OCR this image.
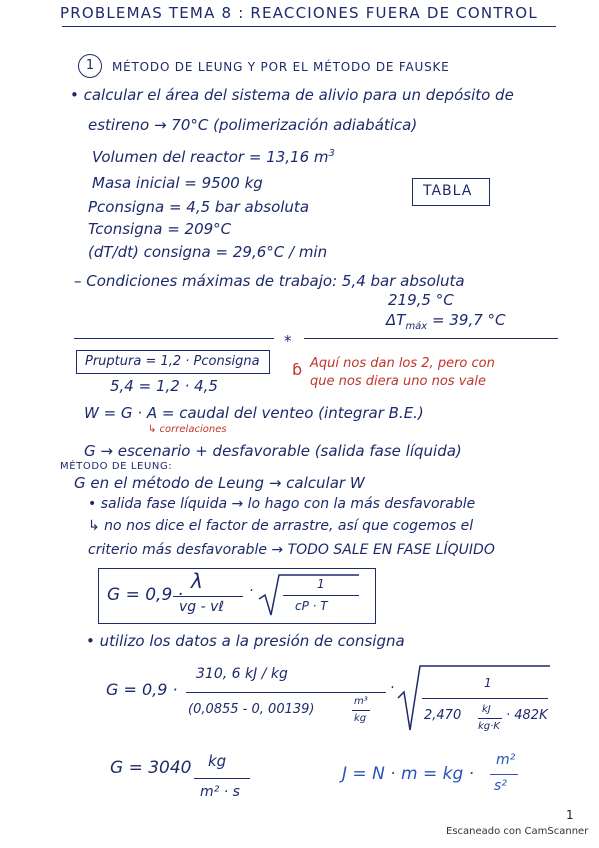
PROBLEMAS TEMA 8 : REACCIONES FUERA DE CONTROL
1	MÉTODO DE LEUNG Y POR EL MÉTODO DE FAUSKE
• calcular el área del sistema de alivio para un depósito de
estireno → 70°C (polimerización adiabática)
Volumen del reactor = 13,16 $m^3$
Masa inicial = 9500 kg
Pconsigna = 4,5 bar absoluta
Tconsigna = 209°C
(dT/dt) consigna = 29,6°C / min
TABLA
– Condiciones máximas de trabajo: 5,4 bar absoluta
219,5 °C
$\Delta T_{máx} = 39,7$ °C
*
Pruptura = 1,2 · Pconsigna
5,4 = 1,2 · 4,5
ɓ Aquí nos dan los 2, pero con
que nos diera uno nos vale
W = G · A = caudal del venteo (integrar B.E.)
↳ correlaciones
G → escenario + desfavorable (salida fase líquida)
MÉTODO DE LEUNG:
G en el método de Leung → calcular W
• salida fase líquida → lo hago con la más desfavorable
↳ no nos dice el factor de arrastre, así que cogemos el
criterio más desfavorable → TODO SALE EN FASE LÍQUIDO
G = 0,9 ·
λ
vg - vℓ
·	1
cP · T
• utilizo los datos a la presión de consigna
G = 0,9 ·
310, 6 kJ / kg
(0,0855 - 0, 00139)
m³
kg
·	1
2,470 kJ
kg·K
· 482K
G = 3040 kg
m² · s
J = N · m = kg ·
m²
s²
1
Escaneado con CamScanner
